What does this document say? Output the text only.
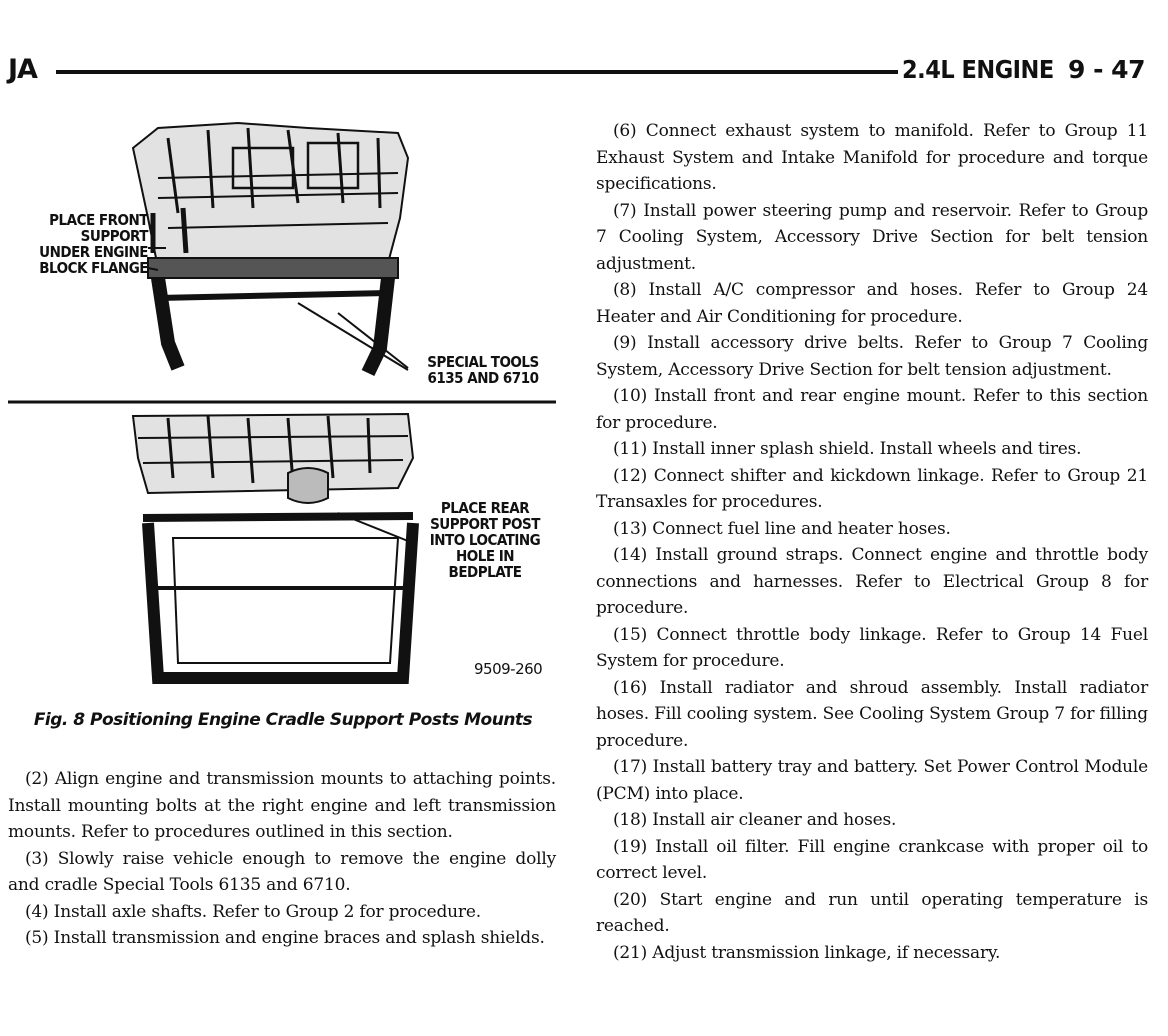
JA	2.4L ENGINE 9 - 47
PLACE FRONT
SUPPORT
UNDER ENGINE
BLOCK FLANGE
SPECIAL TOOLS
6135 AND 6710
PLACE REAR
SUPPORT POST
INTO LOCATING
HOLE IN
BEDPLATE
9509-260
Fig. 8 Positioning Engine Cradle Support Posts Mounts

(2) Align engine and transmission mounts to attaching points. Install mounting bolts at the right engine and left transmission mounts. Refer to procedures outlined in this section.

(3) Slowly raise vehicle enough to remove the engine dolly and cradle Special Tools 6135 and 6710.

(4) Install axle shafts. Refer to Group 2 for procedure.

(5) Install transmission and engine braces and splash shields.

(6) Connect exhaust system to manifold. Refer to Group 11 Exhaust System and Intake Manifold for procedure and torque specifications.

(7) Install power steering pump and reservoir. Refer to Group 7 Cooling System, Accessory Drive Section for belt tension adjustment.

(8) Install A/C compressor and hoses. Refer to Group 24 Heater and Air Conditioning for procedure.

(9) Install accessory drive belts. Refer to Group 7 Cooling System, Accessory Drive Section for belt tension adjustment.

(10) Install front and rear engine mount. Refer to this section for procedure.

(11) Install inner splash shield. Install wheels and tires.

(12) Connect shifter and kickdown linkage. Refer to Group 21 Transaxles for procedures.

(13) Connect fuel line and heater hoses.

(14) Install ground straps. Connect engine and throttle body connections and harnesses. Refer to Electrical Group 8 for procedure.

(15) Connect throttle body linkage. Refer to Group 14 Fuel System for procedure.

(16) Install radiator and shroud assembly. Install radiator hoses. Fill cooling system. See Cooling System Group 7 for filling procedure.

(17) Install battery tray and battery. Set Power Control Module (PCM) into place.

(18) Install air cleaner and hoses.

(19) Install oil filter. Fill engine crankcase with proper oil to correct level.

(20) Start engine and run until operating temperature is reached.

(21) Adjust transmission linkage, if necessary.
